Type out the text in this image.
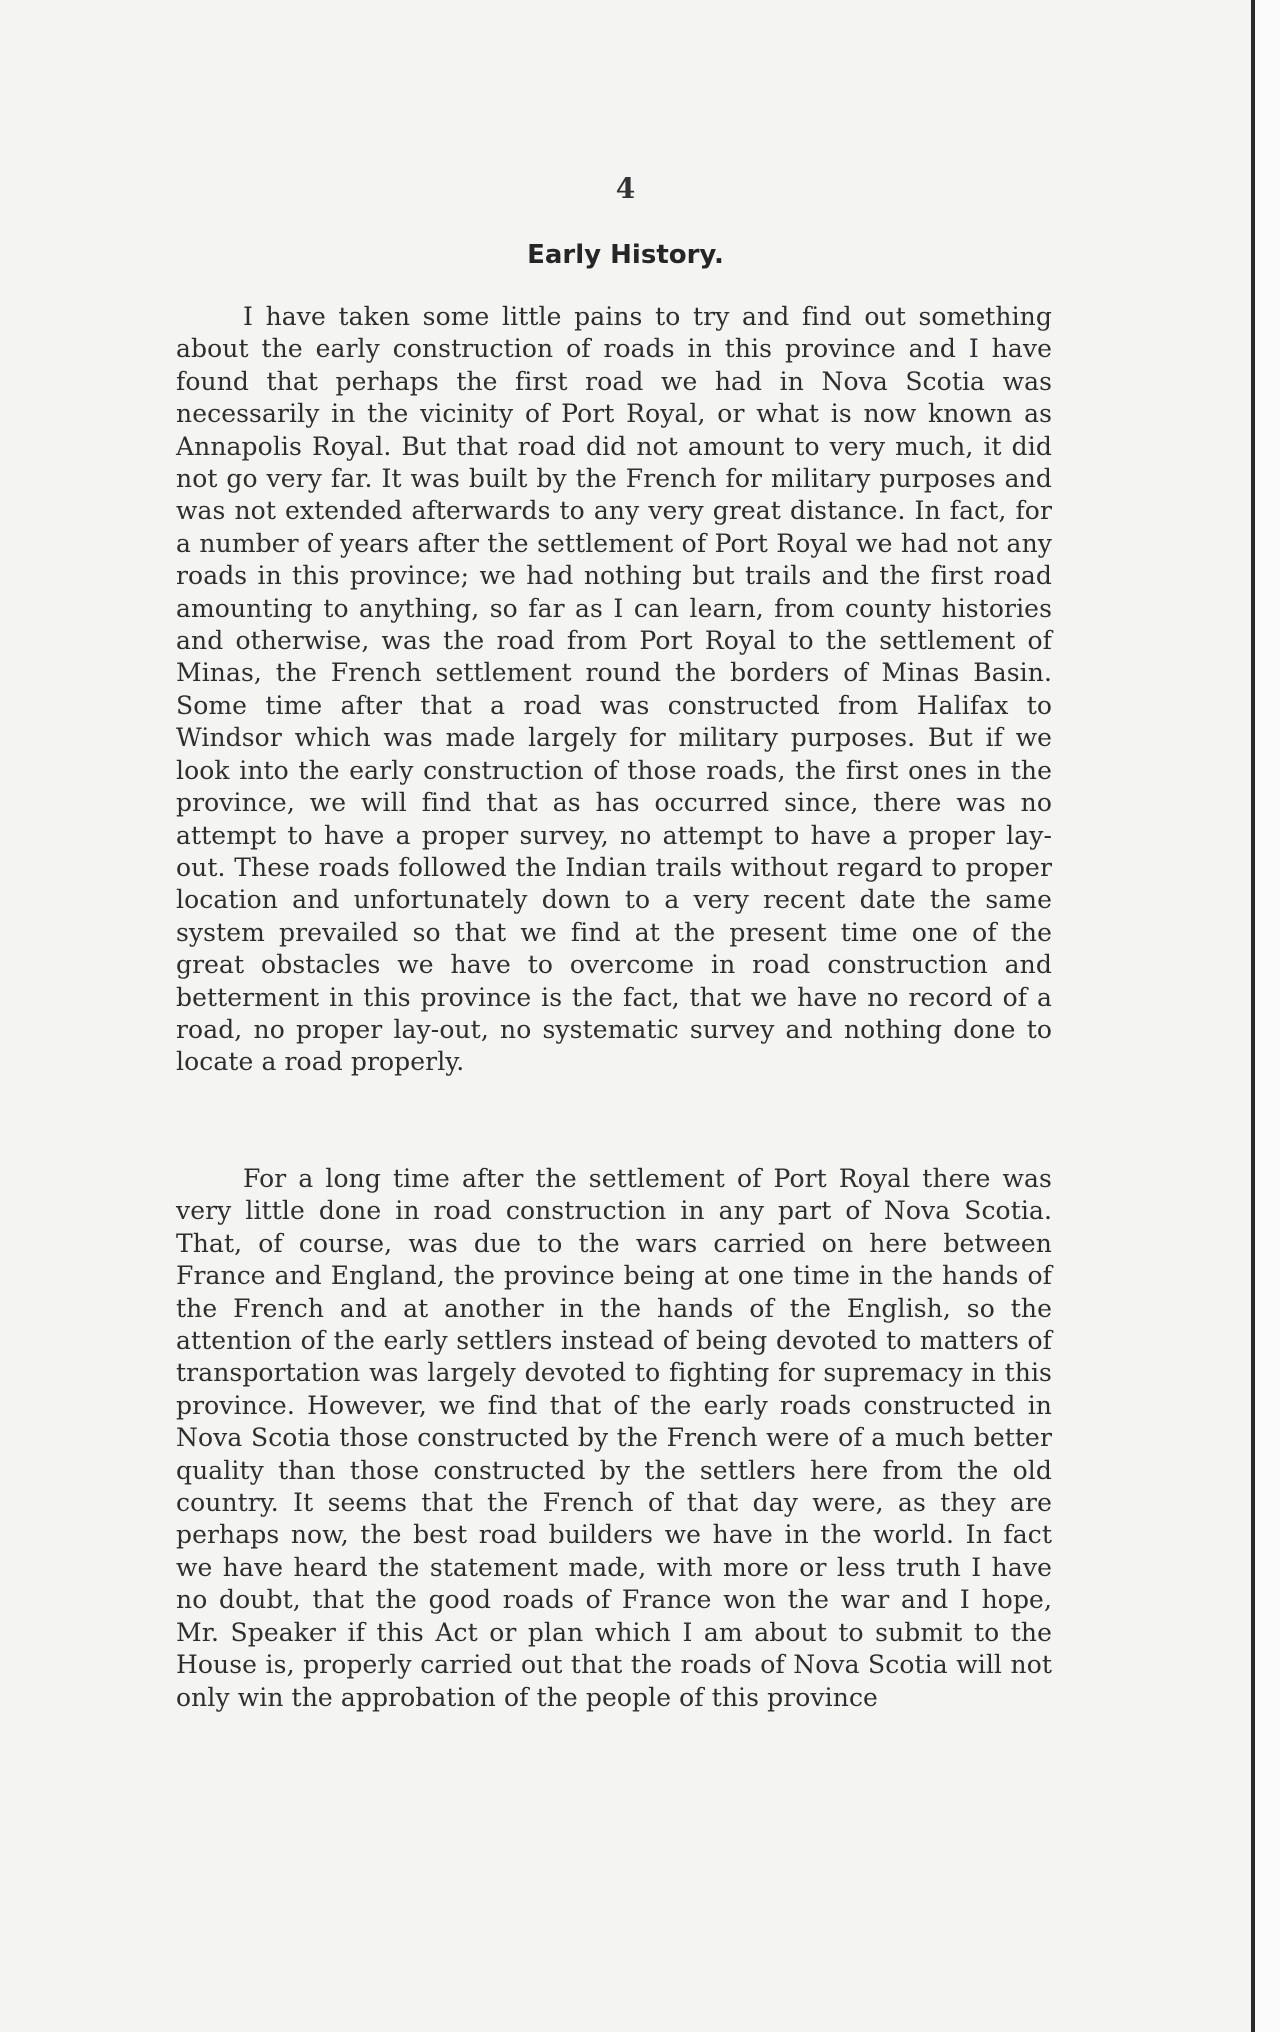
4
Early History.

I have taken some little pains to try and find out something about the early construction of roads in this province and I have found that perhaps the first road we had in Nova Scotia was necessarily in the vicinity of Port Royal, or what is now known as Annapolis Royal. But that road did not amount to very much, it did not go very far. It was built by the French for military purposes and was not extended afterwards to any very great distance. In fact, for a number of years after the settlement of Port Royal we had not any roads in this province; we had nothing but trails and the first road amounting to anything, so far as I can learn, from county histories and otherwise, was the road from Port Royal to the settlement of Minas, the French settlement round the borders of Minas Basin. Some time after that a road was constructed from Halifax to Windsor which was made largely for military purposes. But if we look into the early construction of those roads, the first ones in the province, we will find that as has occurred since, there was no attempt to have a proper survey, no attempt to have a proper lay-out. These roads followed the Indian trails without regard to proper location and unfortunately down to a very recent date the same system prevailed so that we find at the present time one of the great obstacles we have to overcome in road construction and betterment in this province is the fact, that we have no record of a road, no proper lay-out, no systematic survey and nothing done to locate a road properly.

For a long time after the settlement of Port Royal there was very little done in road construction in any part of Nova Scotia. That, of course, was due to the wars carried on here between France and England, the province being at one time in the hands of the French and at another in the hands of the English, so the attention of the early settlers instead of being devoted to matters of transportation was largely devoted to fighting for supremacy in this province. However, we find that of the early roads constructed in Nova Scotia those constructed by the French were of a much better quality than those constructed by the settlers here from the old country. It seems that the French of that day were, as they are perhaps now, the best road builders we have in the world. In fact we have heard the statement made, with more or less truth I have no doubt, that the good roads of France won the war and I hope, Mr. Speaker if this Act or plan which I am about to submit to the House is, properly carried out that the roads of Nova Scotia will not only win the approbation of the people of this province
